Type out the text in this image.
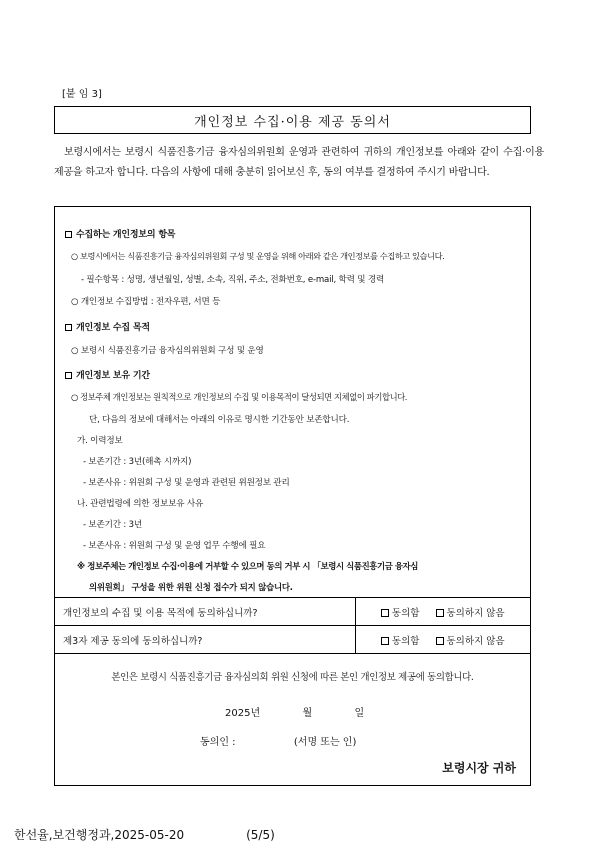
[붙 임 3]
개인정보 수집·이용 제공 동의서
보령시에서는 보령시 식품진흥기금 융자심의위원회 운영과 관련하여 귀하의 개인정보를 아래와 같이 수집·이용 제공을 하고자 합니다. 다음의 사항에 대해 충분히 읽어보신 후, 동의 여부를 결정하여 주시기 바랍니다.
수집하는 개인정보의 항목
○ 보령시에서는 식품진흥기금 융자심의위원회 구성 및 운영을 위해 아래와 같은 개인정보를 수집하고 있습니다.
- 필수항목 : 성명, 생년월일, 성별, 소속, 직위, 주소, 전화번호, e-mail, 학력 및 경력
○ 개인정보 수집방법 : 전자우편, 서면 등
개인정보 수집 목적
○ 보령시 식품진흥기금 융자심의위원회 구성 및 운영
개인정보 보유 기간
○ 정보주체 개인정보는 원칙적으로 개인정보의 수집 및 이용목적이 달성되면 지체없이 파기합니다.
단, 다음의 정보에 대해서는 아래의 이유로 명시한 기간동안 보존합니다.
가. 이력정보
- 보존기간 : 3년(해촉 시까지)
- 보존사유 : 위원회 구성 및 운영과 관련된 위원정보 관리
나. 관련법령에 의한 정보보유 사유
- 보존기간 : 3년
- 보존사유 : 위원회 구성 및 운영 업무 수행에 필요
※ 정보주체는 개인정보 수집·이용에 거부할 수 있으며 동의 거부 시 「보령시 식품진흥기금 융자심
의위원회」 구성을 위한 위원 신청 접수가 되지 않습니다.
개인정보의 수집 및 이용 목적에 동의하십니까?	동의함 동의하지 않음
제3자 제공 동의에 동의하십니까?	동의함 동의하지 않음
본인은 보령시 식품진흥기금 융자심의회 위원 신청에 따른 본인 개인정보 제공에 동의합니다.
2025년	월	일
동의인 :	(서명 또는 인)
보령시장 귀하
한선율,보건행정과,2025-05-20	(5/5)
